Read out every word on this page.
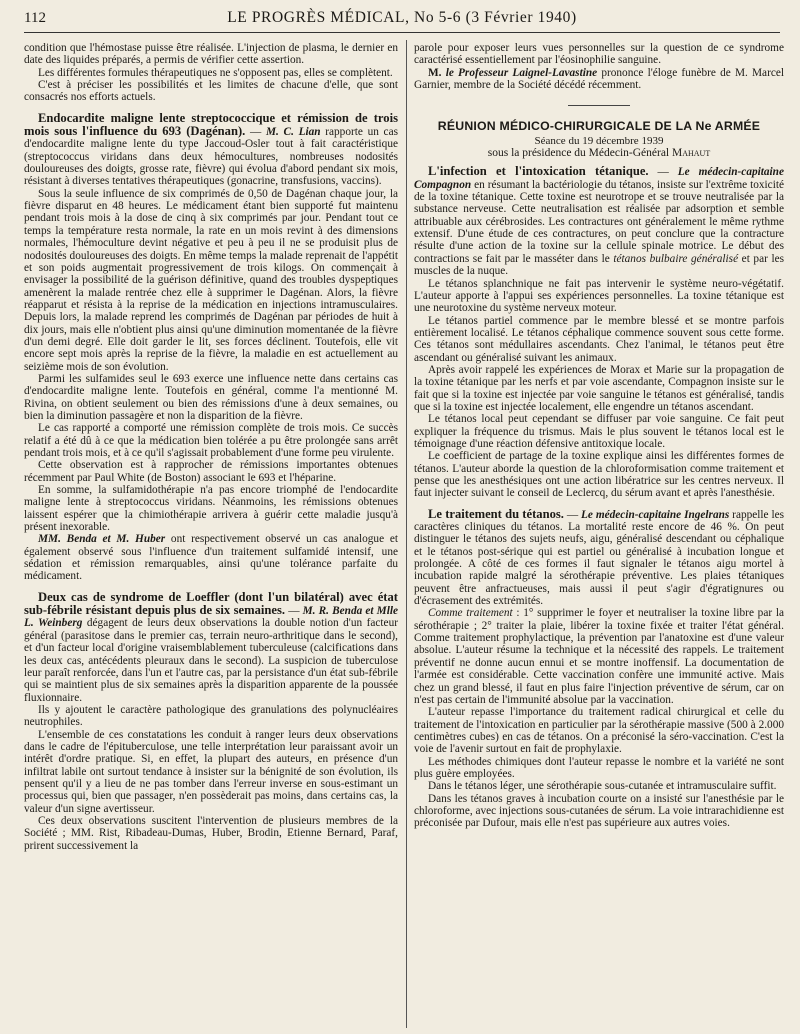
112	LE PROGRÈS MÉDICAL, No 5-6 (3 Février 1940)

condition que l'hémostase puisse être réalisée. L'injection de plasma, le dernier en date des liquides préparés, a permis de vérifier cette assertion.

Les différentes formules thérapeutiques ne s'opposent pas, elles se complètent.

C'est à préciser les possibilités et les limites de chacune d'elle, que sont consacrés nos efforts actuels.

Endocardite maligne lente streptococcique et rémission de trois mois sous l'influence du 693 (Dagénan). — M. C. Lian rapporte un cas d'endocardite maligne lente du type Jaccoud-Osler tout à fait caractéristique (streptococcus viridans dans deux hémocultures, nombreuses nodosités douloureuses des doigts, grosse rate, fièvre) qui évolua d'abord pendant six mois, résistant à diverses tentatives thérapeutiques (gonacrine, transfusions, vaccins).

Sous la seule influence de six comprimés de 0,50 de Dagénan chaque jour, la fièvre disparut en 48 heures. Le médicament étant bien supporté fut maintenu pendant trois mois à la dose de cinq à six comprimés par jour. Pendant tout ce temps la température resta normale, la rate en un mois revint à des dimensions normales, l'hémoculture devint négative et peu à peu il ne se produisit plus de nodosités douloureuses des doigts. En même temps la malade reprenait de l'appétit et son poids augmentait progressivement de trois kilogs. On commençait à envisager la possibilité de la guérison définitive, quand des troubles dyspeptiques amenèrent la malade rentrée chez elle à supprimer le Dagénan. Alors, la fièvre réapparut et résista à la reprise de la médication en injections intramusculaires. Depuis lors, la malade reprend les comprimés de Dagénan par périodes de huit à dix jours, mais elle n'obtient plus ainsi qu'une diminution momentanée de la fièvre d'un demi degré. Elle doit garder le lit, ses forces déclinent. Toutefois, elle vit encore sept mois après la reprise de la fièvre, la maladie en est actuellement au seizième mois de son évolution.

Parmi les sulfamides seul le 693 exerce une influence nette dans certains cas d'endocardite maligne lente. Toutefois en général, comme l'a mentionné M. Rivina, on obtient seulement ou bien des rémissions d'une à deux semaines, ou bien la diminution passagère et non la disparition de la fièvre.

Le cas rapporté a comporté une rémission complète de trois mois. Ce succès relatif a été dû à ce que la médication bien tolérée a pu être prolongée sans arrêt pendant trois mois, et à ce qu'il s'agissait probablement d'une forme peu virulente.

Cette observation est à rapprocher de rémissions importantes obtenues récemment par Paul White (de Boston) associant le 693 et l'héparine.

En somme, la sulfamidothérapie n'a pas encore triomphé de l'endocardite maligne lente à streptococcus viridans. Néanmoins, les rémissions obtenues laissent espérer que la chimiothérapie arrivera à guérir cette maladie jusqu'à présent inexorable.

MM. Benda et M. Huber ont respectivement observé un cas analogue et également observé sous l'influence d'un traitement sulfamidé intensif, une sédation et rémission remarquables, ainsi qu'une tolérance parfaite du médicament.

Deux cas de syndrome de Loeffler (dont l'un bilatéral) avec état sub-fébrile résistant depuis plus de six semaines. — M. R. Benda et Mlle L. Weinberg dégagent de leurs deux observations la double notion d'un facteur général (parasitose dans le premier cas, terrain neuro-arthritique dans le second), et d'un facteur local d'origine vraisemblablement tuberculeuse (calcifications dans les deux cas, antécédents pleuraux dans le second). La suspicion de tuberculose leur paraît renforcée, dans l'un et l'autre cas, par la persistance d'un état sub-fébrile qui se maintient plus de six semaines après la disparition apparente de la poussée fluxionnaire.

Ils y ajoutent le caractère pathologique des granulations des polynucléaires neutrophiles.

L'ensemble de ces constatations les conduit à ranger leurs deux observations dans le cadre de l'épituberculose, une telle interprétation leur paraissant avoir un intérêt d'ordre pratique. Si, en effet, la plupart des auteurs, en présence d'un infiltrat labile ont surtout tendance à insister sur la bénignité de son évolution, ils pensent qu'il y a lieu de ne pas tomber dans l'erreur inverse en sous-estimant un processus qui, bien que passager, n'en possèderait pas moins, dans certains cas, la valeur d'un signe avertisseur.

Ces deux observations suscitent l'intervention de plusieurs membres de la Société ; MM. Rist, Ribadeau-Dumas, Huber, Brodin, Etienne Bernard, Paraf, prirent successivement la

parole pour exposer leurs vues personnelles sur la question de ce syndrome caractérisé essentiellement par l'éosinophilie sanguine.

M. le Professeur Laignel-Lavastine prononce l'éloge funèbre de M. Marcel Garnier, membre de la Société décédé récemment.

RÉUNION MÉDICO-CHIRURGICALE DE LA Ne ARMÉE
Séance du 19 décembre 1939
sous la présidence du Médecin-Général Mahaut

L'infection et l'intoxication tétanique. — Le médecin-capitaine Compagnon en résumant la bactériologie du tétanos, insiste sur l'extrême toxicité de la toxine tétanique. Cette toxine est neurotrope et se trouve neutralisée par la substance nerveuse. Cette neutralisation est réalisée par adsorption et semble attribuable aux cérébrosides. Les contractures ont généralement le même rythme extensif. D'une étude de ces contractures, on peut conclure que la contracture résulte d'une action de la toxine sur la cellule spinale motrice. Le début des contractions se fait par le masséter dans le tétanos bulbaire généralisé et par les muscles de la nuque.

Le tétanos splanchnique ne fait pas intervenir le système neuro-végétatif. L'auteur apporte à l'appui ses expériences personnelles. La toxine tétanique est une neurotoxine du système nerveux moteur.

Le tétanos partiel commence par le membre blessé et se montre parfois entièrement localisé. Le tétanos céphalique commence souvent sous cette forme. Ces tétanos sont médullaires ascendants. Chez l'animal, le tétanos peut être ascendant ou généralisé suivant les animaux.

Après avoir rappelé les expériences de Morax et Marie sur la propagation de la toxine tétanique par les nerfs et par voie ascendante, Compagnon insiste sur le fait que si la toxine est injectée par voie sanguine le tétanos est généralisé, tandis que si la toxine est injectée localement, elle engendre un tétanos ascendant.

Le tétanos local peut cependant se diffuser par voie sanguine. Ce fait peut expliquer la fréquence du trismus. Mais le plus souvent le tétanos local est le témoignage d'une réaction défensive antitoxique locale.

Le coefficient de partage de la toxine explique ainsi les différentes formes de tétanos. L'auteur aborde la question de la chloroformisation comme traitement et pense que les anesthésiques ont une action libératrice sur les centres nerveux. Il faut injecter suivant le conseil de Leclercq, du sérum avant et après l'anesthésie.

Le traitement du tétanos. — Le médecin-capitaine Ingelrans rappelle les caractères cliniques du tétanos. La mortalité reste encore de 46 %. On peut distinguer le tétanos des sujets neufs, aigu, généralisé descendant ou céphalique et le tétanos post-sérique qui est partiel ou généralisé à incubation longue et prolongée. A côté de ces formes il faut signaler le tétanos aigu mortel à incubation rapide malgré la sérothérapie préventive. Les plaies tétaniques peuvent être anfractueuses, mais aussi il peut s'agir d'égratignures ou d'écrasement des extrémités.

Comme traitement : 1° supprimer le foyer et neutraliser la toxine libre par la sérothérapie ; 2° traiter la plaie, libérer la toxine fixée et traiter l'état général. Comme traitement prophylactique, la prévention par l'anatoxine est d'une valeur absolue. L'auteur résume la technique et la nécessité des rappels. Le traitement préventif ne donne aucun ennui et se montre inoffensif. La documentation de l'armée est considérable. Cette vaccination confère une immunité active. Mais chez un grand blessé, il faut en plus faire l'injection préventive de sérum, car on n'est pas certain de l'immunité absolue par la vaccination.

L'auteur repasse l'importance du traitement radical chirurgical et celle du traitement de l'intoxication en particulier par la sérothérapie massive (500 à 2.000 centimètres cubes) en cas de tétanos. On a préconisé la séro-vaccination. C'est la voie de l'avenir surtout en fait de prophylaxie.

Les méthodes chimiques dont l'auteur repasse le nombre et la variété ne sont plus guère employées.

Dans le tétanos léger, une sérothérapie sous-cutanée et intramusculaire suffit.

Dans les tétanos graves à incubation courte on a insisté sur l'anesthésie par le chloroforme, avec injections sous-cutanées de sérum. La voie intrarachidienne est préconisée par Dufour, mais elle n'est pas supérieure aux autres voies.
